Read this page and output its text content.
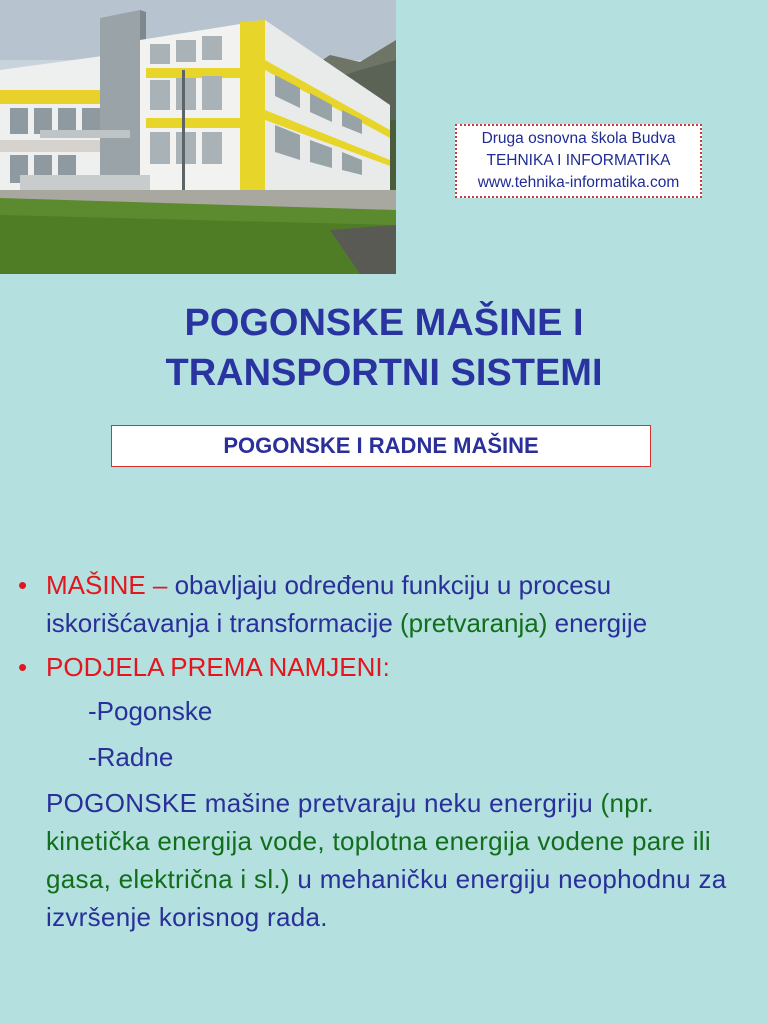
Druga osnovna škola Budva
TEHNIKA I INFORMATIKA
www.tehnika-informatika.com
POGONSKE MAŠINE I
TRANSPORTNI SISTEMI
POGONSKE I RADNE MAŠINE
• MAŠINE – obavljaju određenu funkciju u procesu iskorišćavanja i transformacije (pretvaranja) energije
• PODJELA PREMA NAMJENI:
-Pogonske
-Radne
POGONSKE mašine pretvaraju neku energriju (npr. kinetička energija vode, toplotna energija vodene pare ili gasa, električna i sl.) u mehaničku energiju neophodnu za izvršenje korisnog rada.
